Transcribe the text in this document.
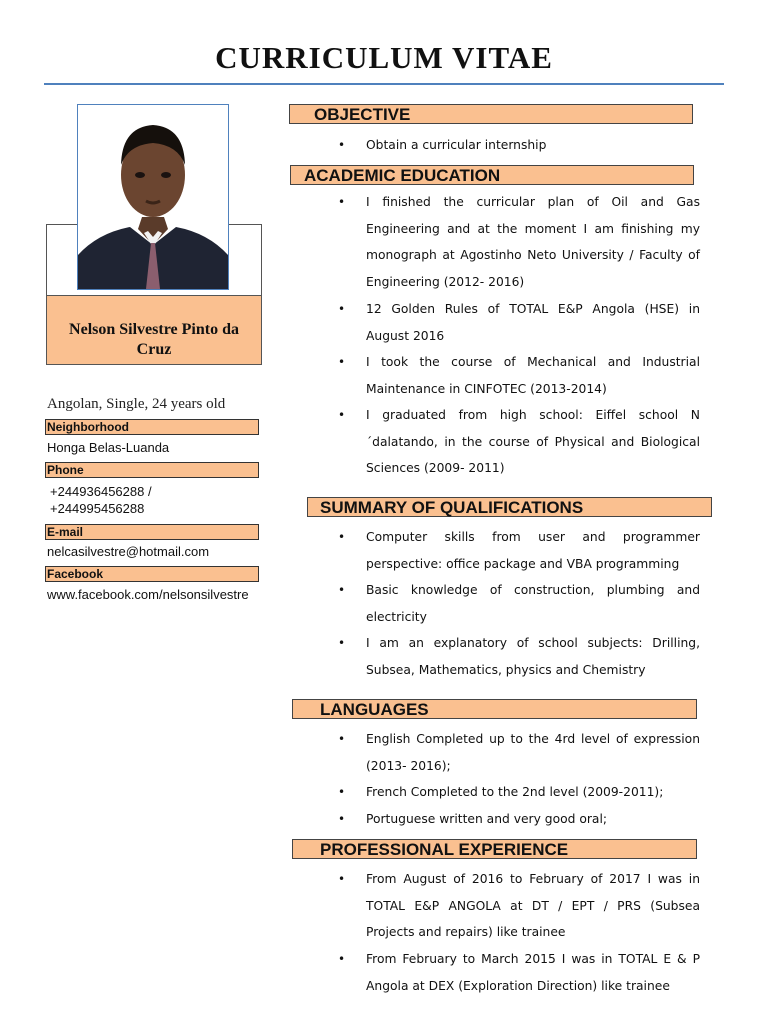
CURRICULUM VITAE
Nelson Silvestre Pinto da Cruz
Angolan, Single, 24 years old
Neighborhood
Honga Belas-Luanda
Phone
+244936456288 /
+244995456288
E-mail
nelcasilvestre@hotmail.com
Facebook
www.facebook.com/nelsonsilvestre
OBJECTIVE
• Obtain a curricular internship
ACADEMIC EDUCATION
• I finished the curricular plan of Oil and Gas Engineering and at the moment I am finishing my monograph at Agostinho Neto University / Faculty of Engineering (2012- 2016)
• 12 Golden Rules of TOTAL E&P Angola (HSE) in August 2016
• I took the course of Mechanical and Industrial Maintenance in CINFOTEC (2013-2014)
• I graduated from high school: Eiffel school N´dalatando, in the course of Physical and Biological Sciences (2009- 2011)
SUMMARY OF QUALIFICATIONS
• Computer skills from user and programmer perspective: office package and VBA programming
• Basic knowledge of construction, plumbing and electricity
• I am an explanatory of school subjects: Drilling, Subsea, Mathematics, physics and Chemistry
LANGUAGES
• English Completed up to the 4rd level of expression (2013- 2016);
• French Completed to the 2nd level (2009-2011);
• Portuguese written and very good oral;
PROFESSIONAL EXPERIENCE
• From August of 2016 to February of 2017 I was in TOTAL E&P ANGOLA at DT / EPT / PRS (Subsea Projects and repairs) like trainee
• From February to March 2015 I was in TOTAL E & P Angola at DEX (Exploration Direction) like trainee
